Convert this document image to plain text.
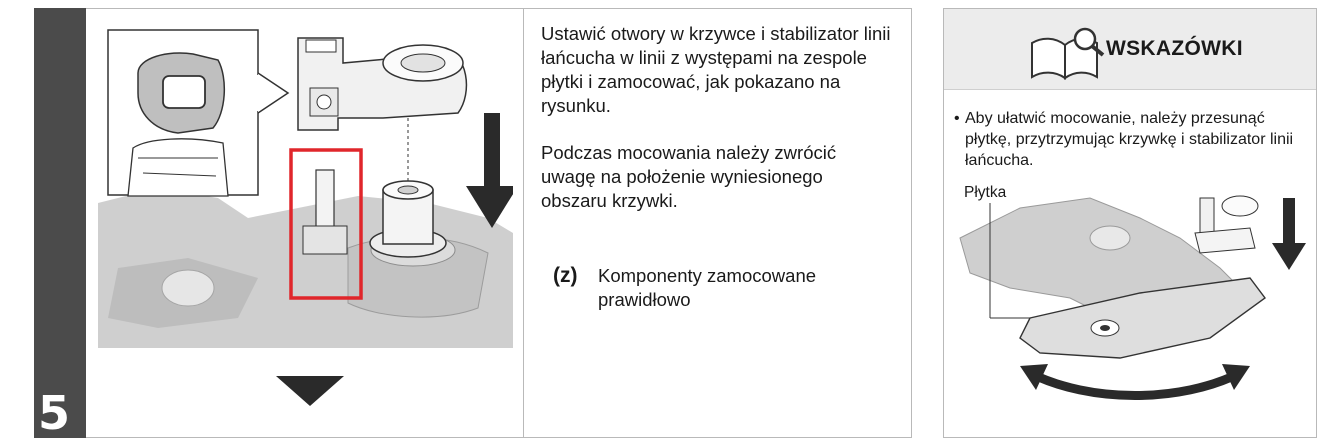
5

Ustawić otwory w krzywce i stabilizator linii łańcucha w linii z występami na zespole płytki i zamocować, jak pokazano na rysunku.

Podczas mocowania należy zwrócić uwagę na położenie wyniesionego obszaru krzywki.

(z) Komponenty zamocowane prawidłowo
WSKAZÓWKI
• Aby ułatwić mocowanie, należy przesunąć płytkę, przytrzymując krzywkę i stabilizator linii łańcucha.
Płytka
